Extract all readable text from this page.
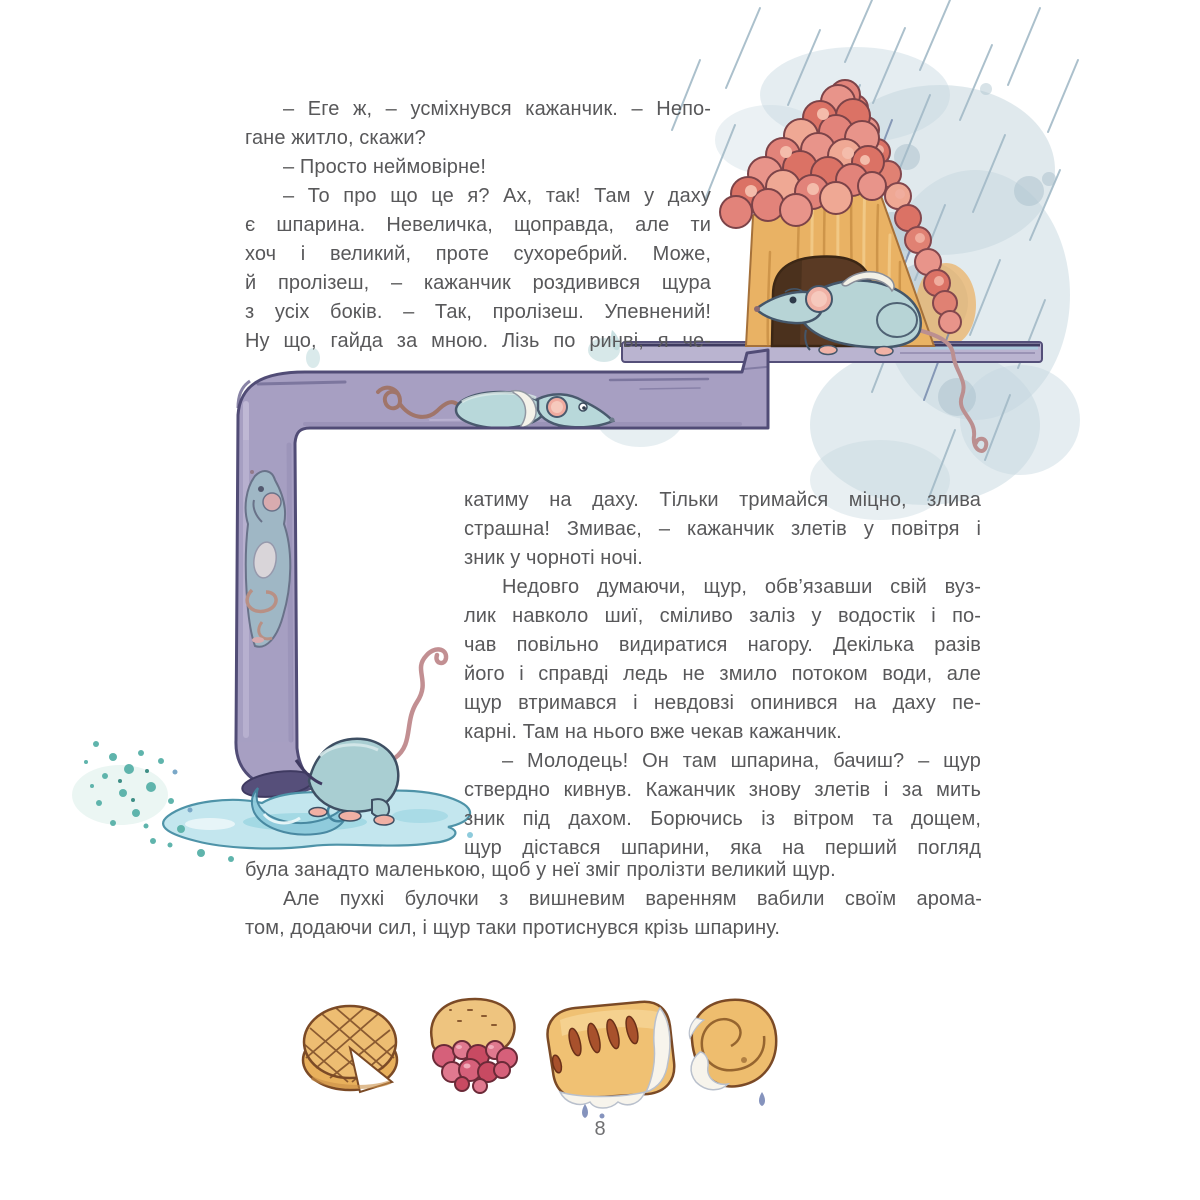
– Еге ж, – усміхнувся кажанчик. – Непо-
гане житло, скажи?
– Просто неймовірне!
– То про що це я? Ах, так! Там у даху
є шпарина. Невеличка, щоправда, але ти
хоч і великий, проте сухоребрий. Може,
й пролізеш, – кажанчик роздивився щура
з усіх боків. – Так, пролізеш. Упевнений!
Ну що, гайда за мною. Лізь по ринві, я че-
катиму на даху. Тільки тримайся міцно, злива
страшна! Змиває, – кажанчик злетів у повітря і
зник у чорноті ночі.
Недовго думаючи, щур, обв’язавши свій вуз-
лик навколо шиї, сміливо заліз у водостік і по-
чав повільно видиратися нагору. Декілька разів
його і справді ледь не змило потоком води, але
щур втримався і невдовзі опинився на даху пе-
карні. Там на нього вже чекав кажанчик.
– Молодець! Он там шпарина, бачиш? – щур
ствердно кивнув. Кажанчик знову злетів і за мить
зник під дахом. Борючись із вітром та дощем,
щур дістався шпарини, яка на перший погляд
була занадто маленькою, щоб у неї зміг пролізти великий щур.
Але пухкі булочки з вишневим варенням вабили своїм арома-
том, додаючи сил, і щур таки протиснувся крізь шпарину.
8
